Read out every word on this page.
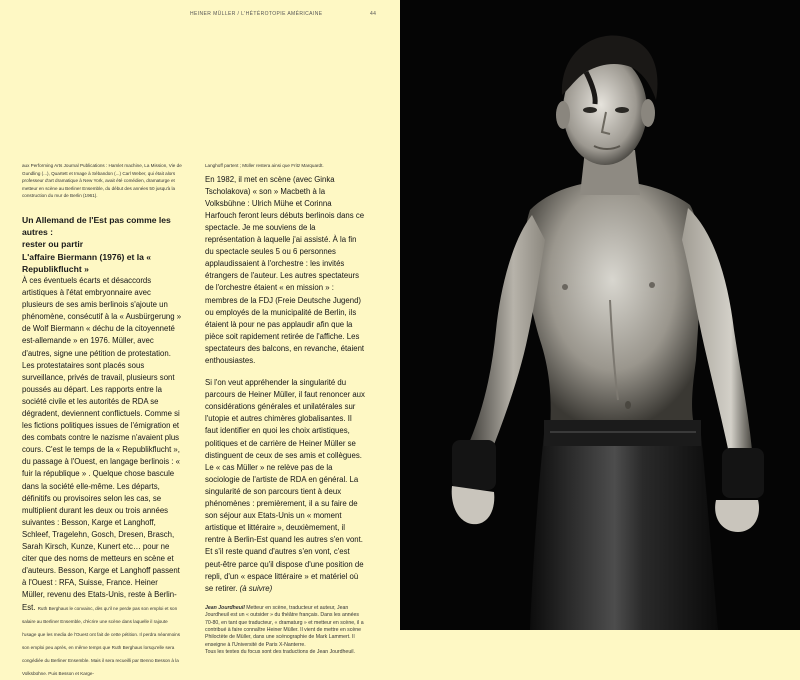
HEINER MÜLLER / L'HÉTÉROTOPIE AMÉRICAINE	44

aux Performing Arts Journal Publications : Hamlet machine, La Mission, Vie de Gundling (...), Quartett et Image à Sébandon (...) Carl Weber, qui était alors professeur d'art dramatique à New York, avait été comédien, dramaturge et metteur en scène au Berliner Ensemble, du début des années 50 jusqu'à la construction du mur de Berlin (1961).

Un Allemand de l'Est pas comme les autres :

rester ou partir

L'affaire Biermann (1976) et la « Republikflucht »

À ces éventuels écarts et désaccords artistiques à l'état embryonnaire avec plusieurs de ses amis berlinois s'ajoute un phénomène, consécutif à la « Ausbürgerung » de Wolf Biermann « déchu de la citoyenneté est-allemande » en 1976. Müller, avec d'autres, signe une pétition de protestation. Les protestataires sont placés sous surveillance, privés de travail, plusieurs sont poussés au départ. Les rapports entre la société civile et les autorités de RDA se dégradent, deviennent conflictuels. Comme si les fictions politiques issues de l'émigration et des combats contre le nazisme n'avaient plus cours. C'est le temps de la « Republikflucht », du passage à l'Ouest, en langage berlinois : « fuir la république » . Quelque chose bascule dans la société elle-même. Les départs, définitifs ou provisoires selon les cas, se multiplient durant les deux ou trois années suivantes : Besson, Karge et Langhoff, Schleef, Tragelehn, Gosch, Dresen, Brasch, Sarah Kirsch, Kunze, Kunert etc… pour ne citer que des noms de metteurs en scène et d'auteurs. Besson, Karge et Langhoff passent à l'Ouest : RFA, Suisse, France. Heiner Müller, revenu des Etats-Unis, reste à Berlin-Est. Ruth Berghaus le convainc, dès qu'il ne perde pas son emploi et son salaire au Berliner Ensemble, d'écrire une scène dans laquelle il rajoute l'usage que les media de l'Ouest ont fait de cette pétition. Il perdra néanmoins son emploi peu après, en même temps que Ruth Berghaus lorsqu'elle sera congédiée du Berliner Ensemble. Mais il sera recueilli par Benno Besson à la Volksbühne. Puis Besson et Karge-

Langhoff partent ; Müller restera ainsi que Fritz Marquardt.

En 1982, il met en scène (avec Ginka Tscholakova) « son » Macbeth à la Volksbühne : Ulrich Mühe et Corinna Harfouch feront leurs débuts berlinois dans ce spectacle. Je me souviens de la représentation à laquelle j'ai assisté. À la fin du spectacle seules 5 ou 6 personnes applaudissaient à l'orchestre : les invités étrangers de l'auteur. Les autres spectateurs de l'orchestre étaient « en mission » : membres de la FDJ (Freie Deutsche Jugend) ou employés de la municipalité de Berlin, ils étaient là pour ne pas applaudir afin que la pièce soit rapidement retirée de l'affiche. Les spectateurs des balcons, en revanche, étaient enthousiastes.

Si l'on veut appréhender la singularité du parcours de Heiner Müller, il faut renoncer aux considérations générales et unilatérales sur l'utopie et autres chimères globalisantes. Il faut identifier en quoi les choix artistiques, politiques et de carrière de Heiner Müller se distinguent de ceux de ses amis et collègues. Le « cas Müller » ne relève pas de la sociologie de l'artiste de RDA en général. La singularité de son parcours tient à deux phénomènes : premièrement, il a su faire de son séjour aux Etats-Unis un « moment artistique et littéraire », deuxièmement, il rentre à Berlin-Est quand les autres s'en vont. Et s'il reste quand d'autres s'en vont, c'est peut-être parce qu'il dispose d'une position de repli, d'un « espace littéraire » et matériel où se retirer. (à suivre)

Jean Jourdheuil Metteur en scène, traducteur et auteur, Jean Jourdheuil est un « outsider » du théâtre français. Dans les années 70-80, en tant que traducteur, « dramaturg » et metteur en scène, il a contribué à faire connaître Heiner Müller. Il vient de mettre en scène Philoctète de Müller, dans une scénographie de Mark Lammert. Il enseigne à l'Université de Paris X-Nanterre.

Tous les textes du focus sont des traductions de Jean Jourdheuil.
